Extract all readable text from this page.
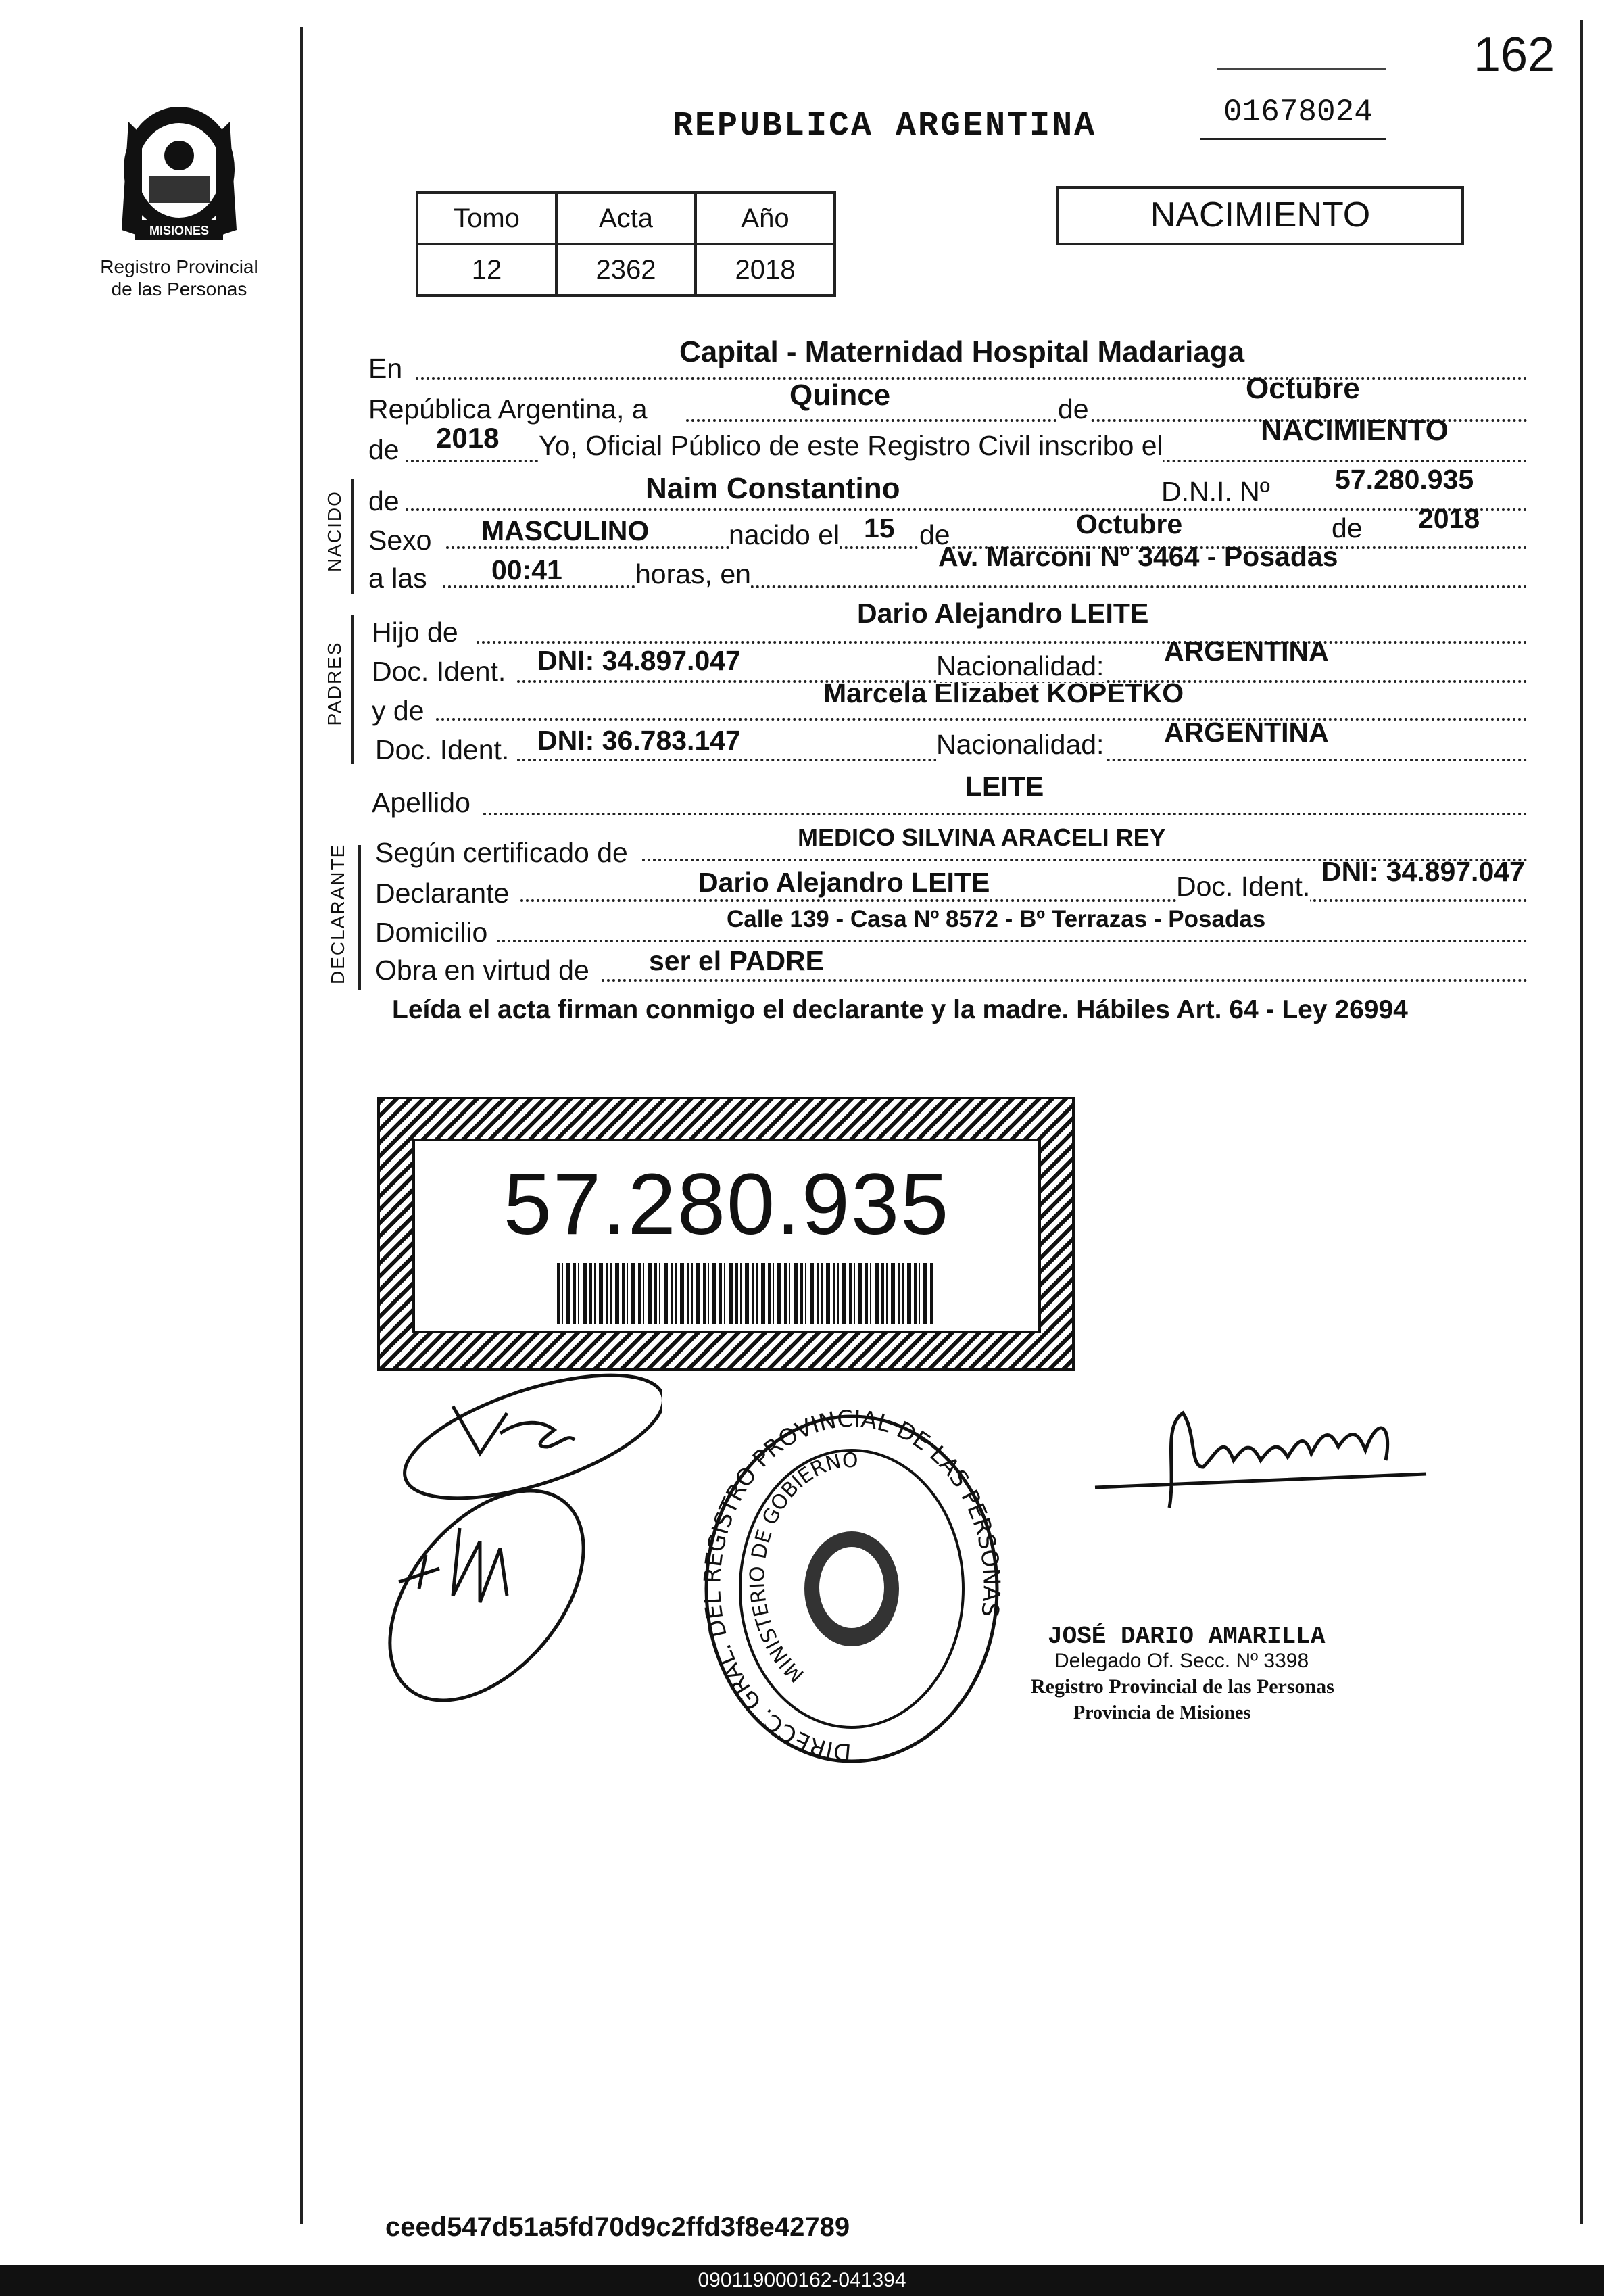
162
01678024
MISIONES
Registro Provincial
de las Personas
REPUBLICA ARGENTINA
Tomo	Acta	Año
12	2362	2018
NACIMIENTO
En	Capital - Maternidad Hospital Madariaga
República Argentina, a	Quince	de
Octubre
de 2018 Yo, Oficial Público de este Registro Civil inscribo el	NACIMIENTO
NACIDO de	Naim Constantino	D.N.I. Nº 57.280.935
Sexo MASCULINO	nacido el 15 de	Octubre	de 2018
a las 00:41	horas, en
Av. Marconi Nº 3464 - Posadas
PADRES
Hijo de
Dario Alejandro LEITE
Doc. Ident. DNI: 34.897.047	Nacionalidad: ARGENTINA
y de
Marcela Elizabet KOPETKO
Doc. Ident. DNI: 36.783.147	Nacionalidad: ARGENTINA
Apellido
LEITE
DECLARANTE Según certificado de	MEDICO SILVINA ARACELI REY
Declarante	Dario Alejandro LEITE	Doc. Ident. DNI: 34.897.047
Domicilio	Calle 139 - Casa Nº 8572 - Bº Terrazas - Posadas
Obra en virtud de ser el PADRE
Leída el acta firman conmigo el declarante y la madre. Hábiles Art. 64 - Ley 26994
57.280.935
DIRECC. GRAL. DEL REGISTRO PROVINCIAL DE LAS PERSONAS
MINISTERIO DE GOBIERNO
JOSÉ DARIO AMARILLA
Delegado Of. Secc. Nº 3398
Registro Provincial de las Personas
Provincia de Misiones
ceed547d51a5fd70d9c2ffd3f8e42789
090119000162-041394
